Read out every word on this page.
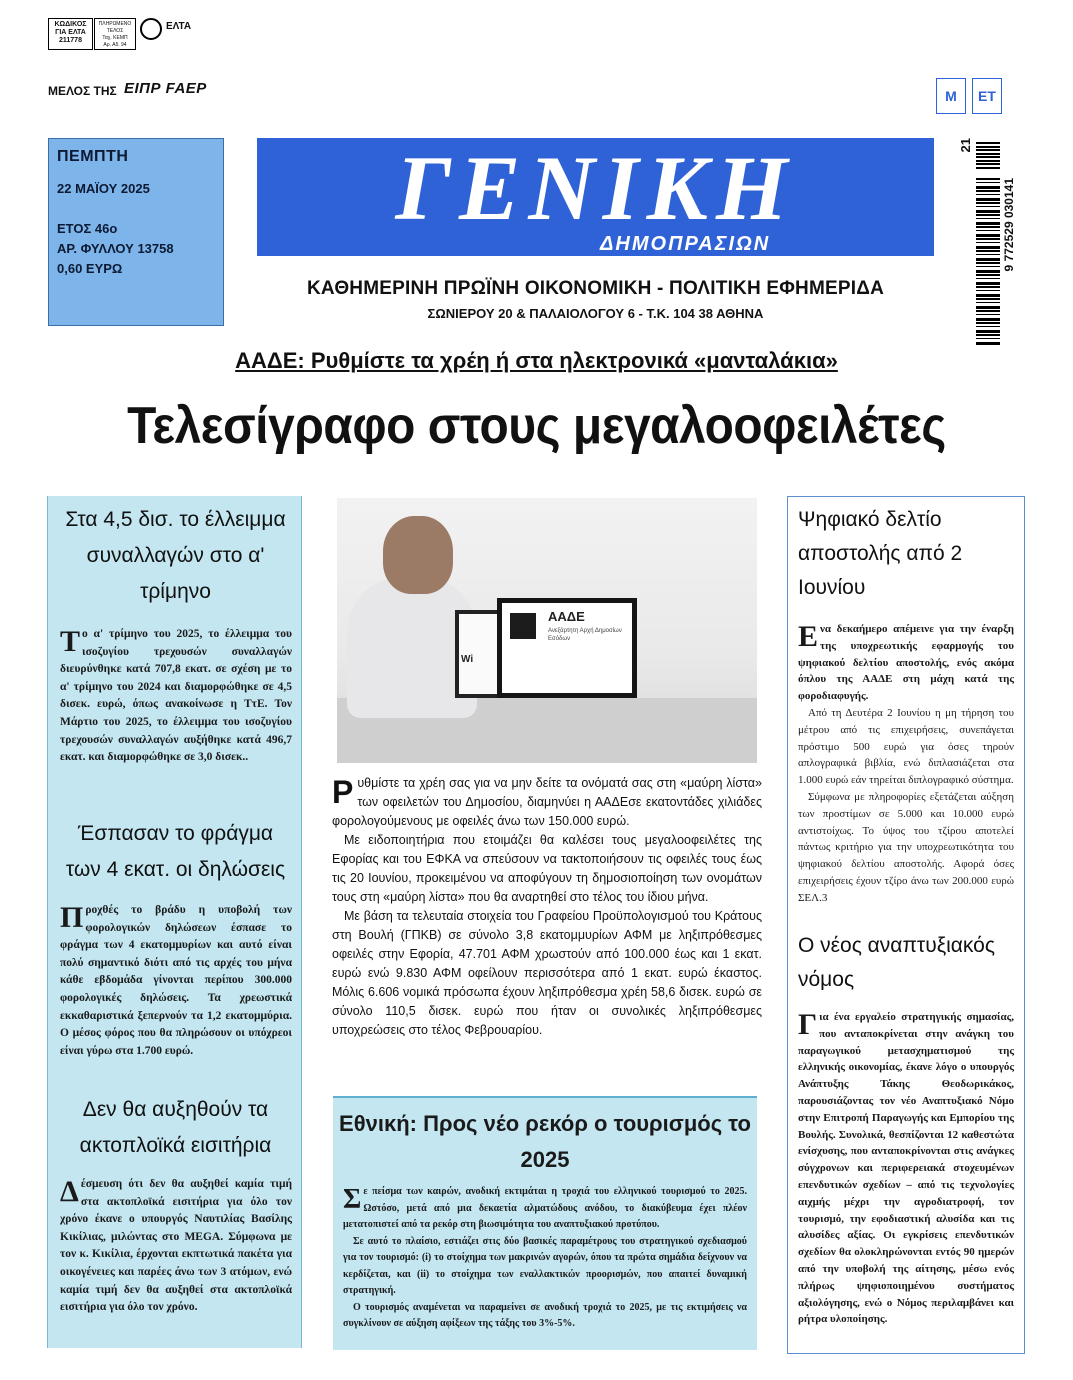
ΚΩΔΙΚΟΣ
ΓΙΑ ΕΛΤΑ
211778
ΠΛΗΡΩΜΕΝΟ
ΤΕΛΟΣ
Ταχ. ΚΕΜΠ
Αρ. Αδ. 94
ΕΛΤΑ
ΜΕΛΟΣ ΤΗΣ ΕΙΠΡ FAEP	Μ	ΕΤ
ΠΕΜΠΤΗ
22 ΜΑΪΟΥ 2025
ΕΤΟΣ 46ο
ΑΡ. ΦΥΛΛΟΥ 13758
0,60 ΕΥΡΩ
ΓΕΝΙΚΗ
ΔΗΜΟΠΡΑΣΙΩΝ
ΚΑΘΗΜΕΡΙΝΗ ΠΡΩΪΝΗ ΟΙΚΟΝΟΜΙΚΗ - ΠΟΛΙΤΙΚΗ ΕΦΗΜΕΡΙΔΑ
ΣΩΝΙΕΡΟΥ 20 & ΠΑΛΑΙΟΛΟΓΟΥ 6 - Τ.Κ. 104 38 ΑΘΗΝΑ
21
9 772529 030141
ΑΑΔΕ: Ρυθμίστε τα χρέη ή στα ηλεκτρονικά «μανταλάκια»
Τελεσίγραφο στους μεγαλοοφειλέτες
Στα 4,5 δισ. το έλλειμμα συναλλαγών στο α' τρίμηνο
Το α' τρίμηνο του 2025, το έλλειμμα του ισοζυγίου τρεχουσών συναλλαγών διευρύνθηκε κατά 707,8 εκατ. σε σχέση με το α' τρίμηνο του 2024 και διαμορφώθηκε σε 4,5 δισεκ. ευρώ, όπως ανακοίνωσε η ΤτΕ. Τον Μάρτιο του 2025, το έλλειμμα του ισοζυγίου τρεχουσών συναλλαγών αυξήθηκε κατά 496,7 εκατ. και διαμορφώθηκε σε 3,0 δισεκ..
Έσπασαν το φράγμα των 4 εκατ. οι δηλώσεις
Προχθές το βράδυ η υποβολή των φορολογικών δηλώσεων έσπασε το φράγμα των 4 εκατομμυρίων και αυτό είναι πολύ σημαντικό διότι από τις αρχές του μήνα κάθε εβδομάδα γίνονται περίπου 300.000 φορολογικές δηλώσεις. Τα χρεωστικά εκκαθαριστικά ξεπερνούν τα 1,2 εκατομμύρια. Ο μέσος φόρος που θα πληρώσουν οι υπόχρεοι είναι γύρω στα 1.700 ευρώ.
Δεν θα αυξηθούν τα ακτοπλοϊκά εισιτήρια
Δέσμευση ότι δεν θα αυξηθεί καμία τιμή στα ακτοπλοϊκά εισιτήρια για όλο τον χρόνο έκανε ο υπουργός Ναυτιλίας Βασίλης Κικίλιας, μιλώντας στο MEGA. Σύμφωνα με τον κ. Κικίλια, έρχονται εκπτωτικά πακέτα για οικογένειες και παρέες άνω των 3 ατόμων, ενώ καμία τιμή δεν θα αυξηθεί στα ακτοπλοϊκά εισιτήρια για όλο τον χρόνο.
Wi
ΑΑΔΕ
Ανεξάρτητη Αρχή Δημοσίων Εσόδων

Ρυθμίστε τα χρέη σας για να μην δείτε τα ονόματά σας στη «μαύρη λίστα» των οφειλετών του Δημοσίου, διαμηνύει η ΑΑΔΕσε εκατοντάδες χιλιάδες φορολογούμενους με οφειλές άνω των 150.000 ευρώ.

Με ειδοποιητήρια που ετοιμάζει θα καλέσει τους μεγαλοοφειλέτες της Εφορίας και του ΕΦΚΑ να σπεύσουν να τακτοποιήσουν τις οφειλές τους έως τις 20 Ιουνίου, προκειμένου να αποφύγουν τη δημοσιοποίηση των ονομάτων τους στη «μαύρη λίστα» που θα αναρτηθεί στο τέλος του ίδιου μήνα.

Με βάση τα τελευταία στοιχεία του Γραφείου Προϋπολογισμού του Κράτους στη Βουλή (ΓΠΚΒ) σε σύνολο 3,8 εκατομμυρίων ΑΦΜ με ληξιπρόθεσμες οφειλές στην Εφορία, 47.701 ΑΦΜ χρωστούν από 100.000 έως και 1 εκατ. ευρώ ενώ 9.830 ΑΦΜ οφείλουν περισσότερα από 1 εκατ. ευρώ έκαστος. Μόλις 6.606 νομικά πρόσωπα έχουν ληξιπρόθεσμα χρέη 58,6 δισεκ. ευρώ σε σύνολο 110,5 δισεκ. ευρώ που ήταν οι συνολικές ληξιπρόθεσμες υποχρεώσεις στο τέλος Φεβρουαρίου.

Εθνική: Προς νέο ρεκόρ ο τουρισμός το 2025

Σε πείσμα των καιρών, ανοδική εκτιμάται η τροχιά του ελληνικού τουρισμού το 2025. Ωστόσο, μετά από μια δεκαετία αλματώδους ανόδου, το διακύβευμα έχει πλέον μετατοπιστεί από τα ρεκόρ στη βιωσιμότητα του αναπτυξιακού προτύπου.

Σε αυτό το πλαίσιο, εστιάζει στις δύο βασικές παραμέτρους του στρατηγικού σχεδιασμού για τον τουρισμό: (i) το στοίχημα των μακρινών αγορών, όπου τα πρώτα σημάδια δείχνουν να κερδίζεται, και (ii) το στοίχημα των εναλλακτικών προορισμών, που απαιτεί δυναμική στρατηγική.

Ο τουρισμός αναμένεται να παραμείνει σε ανοδική τροχιά το 2025, με τις εκτιμήσεις να συγκλίνουν σε αύξηση αφίξεων της τάξης του 3%-5%.

Ψηφιακό δελτίο αποστολής από 2 Ιουνίου

Ενα δεκαήμερο απέμεινε για την έναρξη της υποχρεωτικής εφαρμογής του ψηφιακού δελτίου αποστολής, ενός ακόμα όπλου της ΑΑΔΕ στη μάχη κατά της φοροδιαφυγής.

Από τη Δευτέρα 2 Ιουνίου η μη τήρηση του μέτρου από τις επιχειρήσεις, συνεπάγεται πρόστιμο 500 ευρώ για όσες τηρούν απλογραφικά βιβλία, ενώ διπλασιάζεται στα 1.000 ευρώ εάν τηρείται διπλογραφικό σύστημα.

Σύμφωνα με πληροφορίες εξετάζεται αύξηση των προστίμων σε 5.000 και 10.000 ευρώ αντιστοίχως. Το ύψος του τζίρου αποτελεί πάντως κριτήριο για την υποχρεωτικότητα του ψηφιακού δελτίου αποστολής. Αφορά όσες επιχειρήσεις έχουν τζίρο άνω των 200.000 ευρώ ΣΕΛ.3

Ο νέος αναπτυξιακός νόμος
Για ένα εργαλείο στρατηγικής σημασίας, που ανταποκρίνεται στην ανάγκη του παραγωγικού μετασχηματισμού της ελληνικής οικονομίας, έκανε λόγο ο υπουργός Ανάπτυξης Τάκης Θεοδωρικάκος, παρουσιάζοντας τον νέο Αναπτυξιακό Νόμο στην Επιτροπή Παραγωγής και Εμπορίου της Βουλής. Συνολικά, θεσπίζονται 12 καθεστώτα ενίσχυσης, που ανταποκρίνονται στις ανάγκες σύγχρονων και περιφερειακά στοχευμένων επενδυτικών σχεδίων – από τις τεχνολογίες αιχμής μέχρι την αγροδιατροφή, τον τουρισμό, την εφοδιαστική αλυσίδα και τις αλυσίδες αξίας. Οι εγκρίσεις επενδυτικών σχεδίων θα ολοκληρώνονται εντός 90 ημερών από την υποβολή της αίτησης, μέσω ενός πλήρως ψηφιοποιημένου συστήματος αξιολόγησης, ενώ ο Νόμος περιλαμβάνει και ρήτρα υλοποίησης.
